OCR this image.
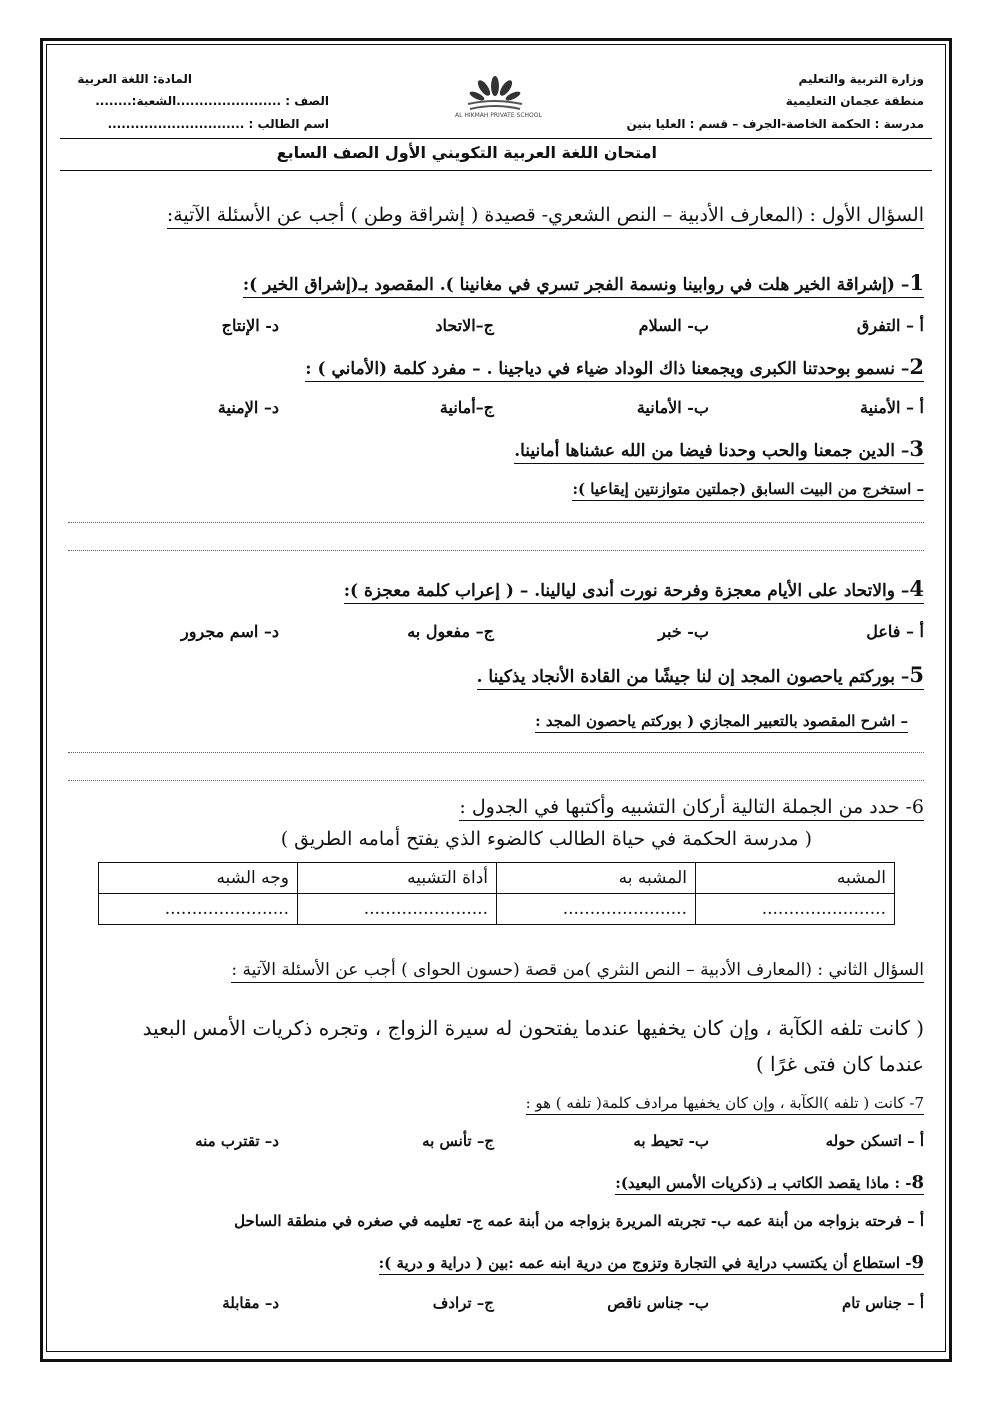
وزارة التربية والتعليم
منطقة عجمان التعليمية
مدرسة : الحكمة الخاصة-الجرف – قسم : العليا بنين
المادة: اللغة العربية
الصف : .......................الشعبة:........
اسم الطالب : ..............................
AL HIKMAH PRIVATE SCHOOL
امتحان اللغة العربية التكويني الأول الصف السابع
السؤال الأول : (المعارف الأدبية – النص الشعري- قصيدة ( إشراقة وطن ) أجب عن الأسئلة الآتية:
1– (إشراقة الخير هلت في روابينا ونسمة الفجر تسري في مغانينا ). المقصود بـ(إشراق الخير ):
أ – التفرق
ب- السلام
ج–الاتحاد
د- الإنتاج
2– نسمو بوحدتنا الكبرى ويجمعنا ذاك الوداد ضياء في دياجينا . – مفرد كلمة (الأماني ) :
أ – الأمنية
ب- الأمانية
ج–أمانية
د– الإمنية
3– الدين جمعنا والحب وحدنا فيضا من الله عشناها أمانينا.
– استخرج من البيت السابق (جملتين متوازنتين إيقاعيا ):
4– والاتحاد على الأيام معجزة وفرحة نورت أندى ليالينا. – ( إعراب كلمة معجزة ):
أ – فاعل
ب- خبر
ج– مفعول به
د– اسم مجرور
5– بوركتم ياحصون المجد إن لنا جيشًا من القادة الأنجاد يذكينا .
– اشرح المقصود بالتعبير المجازي ( بوركتم ياحصون المجد :
6- حدد من الجملة التالية أركان التشبيه وأكتبها في الجدول :
( مدرسة الحكمة في حياة الطالب كالضوء الذي يفتح أمامه الطريق )
المشبه	المشبه به	أداة التشبيه	وجه الشبه
.......................	.......................	.......................	.......................
السؤال الثاني : (المعارف الأدبية – النص النثري )من قصة (حسون الحواى ) أجب عن الأسئلة الآتية :
( كانت تلفه الكآبة ، وإن كان يخفيها عندما يفتحون له سيرة الزواج ، وتجره ذكريات الأمس البعيد
عندما كان فتى غرًا )
7- كانت ( تلفه )الكآبة ، وإن كان يخفيها مرادف كلمة( تلفه ) هو :
أ – اتسكن حوله
ب- تحيط به
ج– تأنس به
د– تقترب منه
8- : ماذا يقصد الكاتب بـ (ذكريات الأمس البعيد):
أ – فرحته بزواجه من أبنة عمه ب- تجربته المريرة بزواجه من أبنة عمه ج- تعليمه في صغره في منطقة الساحل
9- استطاع أن يكتسب دراية في التجارة وتزوج من درية ابنه عمه :بين ( دراية و درية ):
أ – جناس تام
ب- جناس ناقص
ج– ترادف
د– مقابلة
